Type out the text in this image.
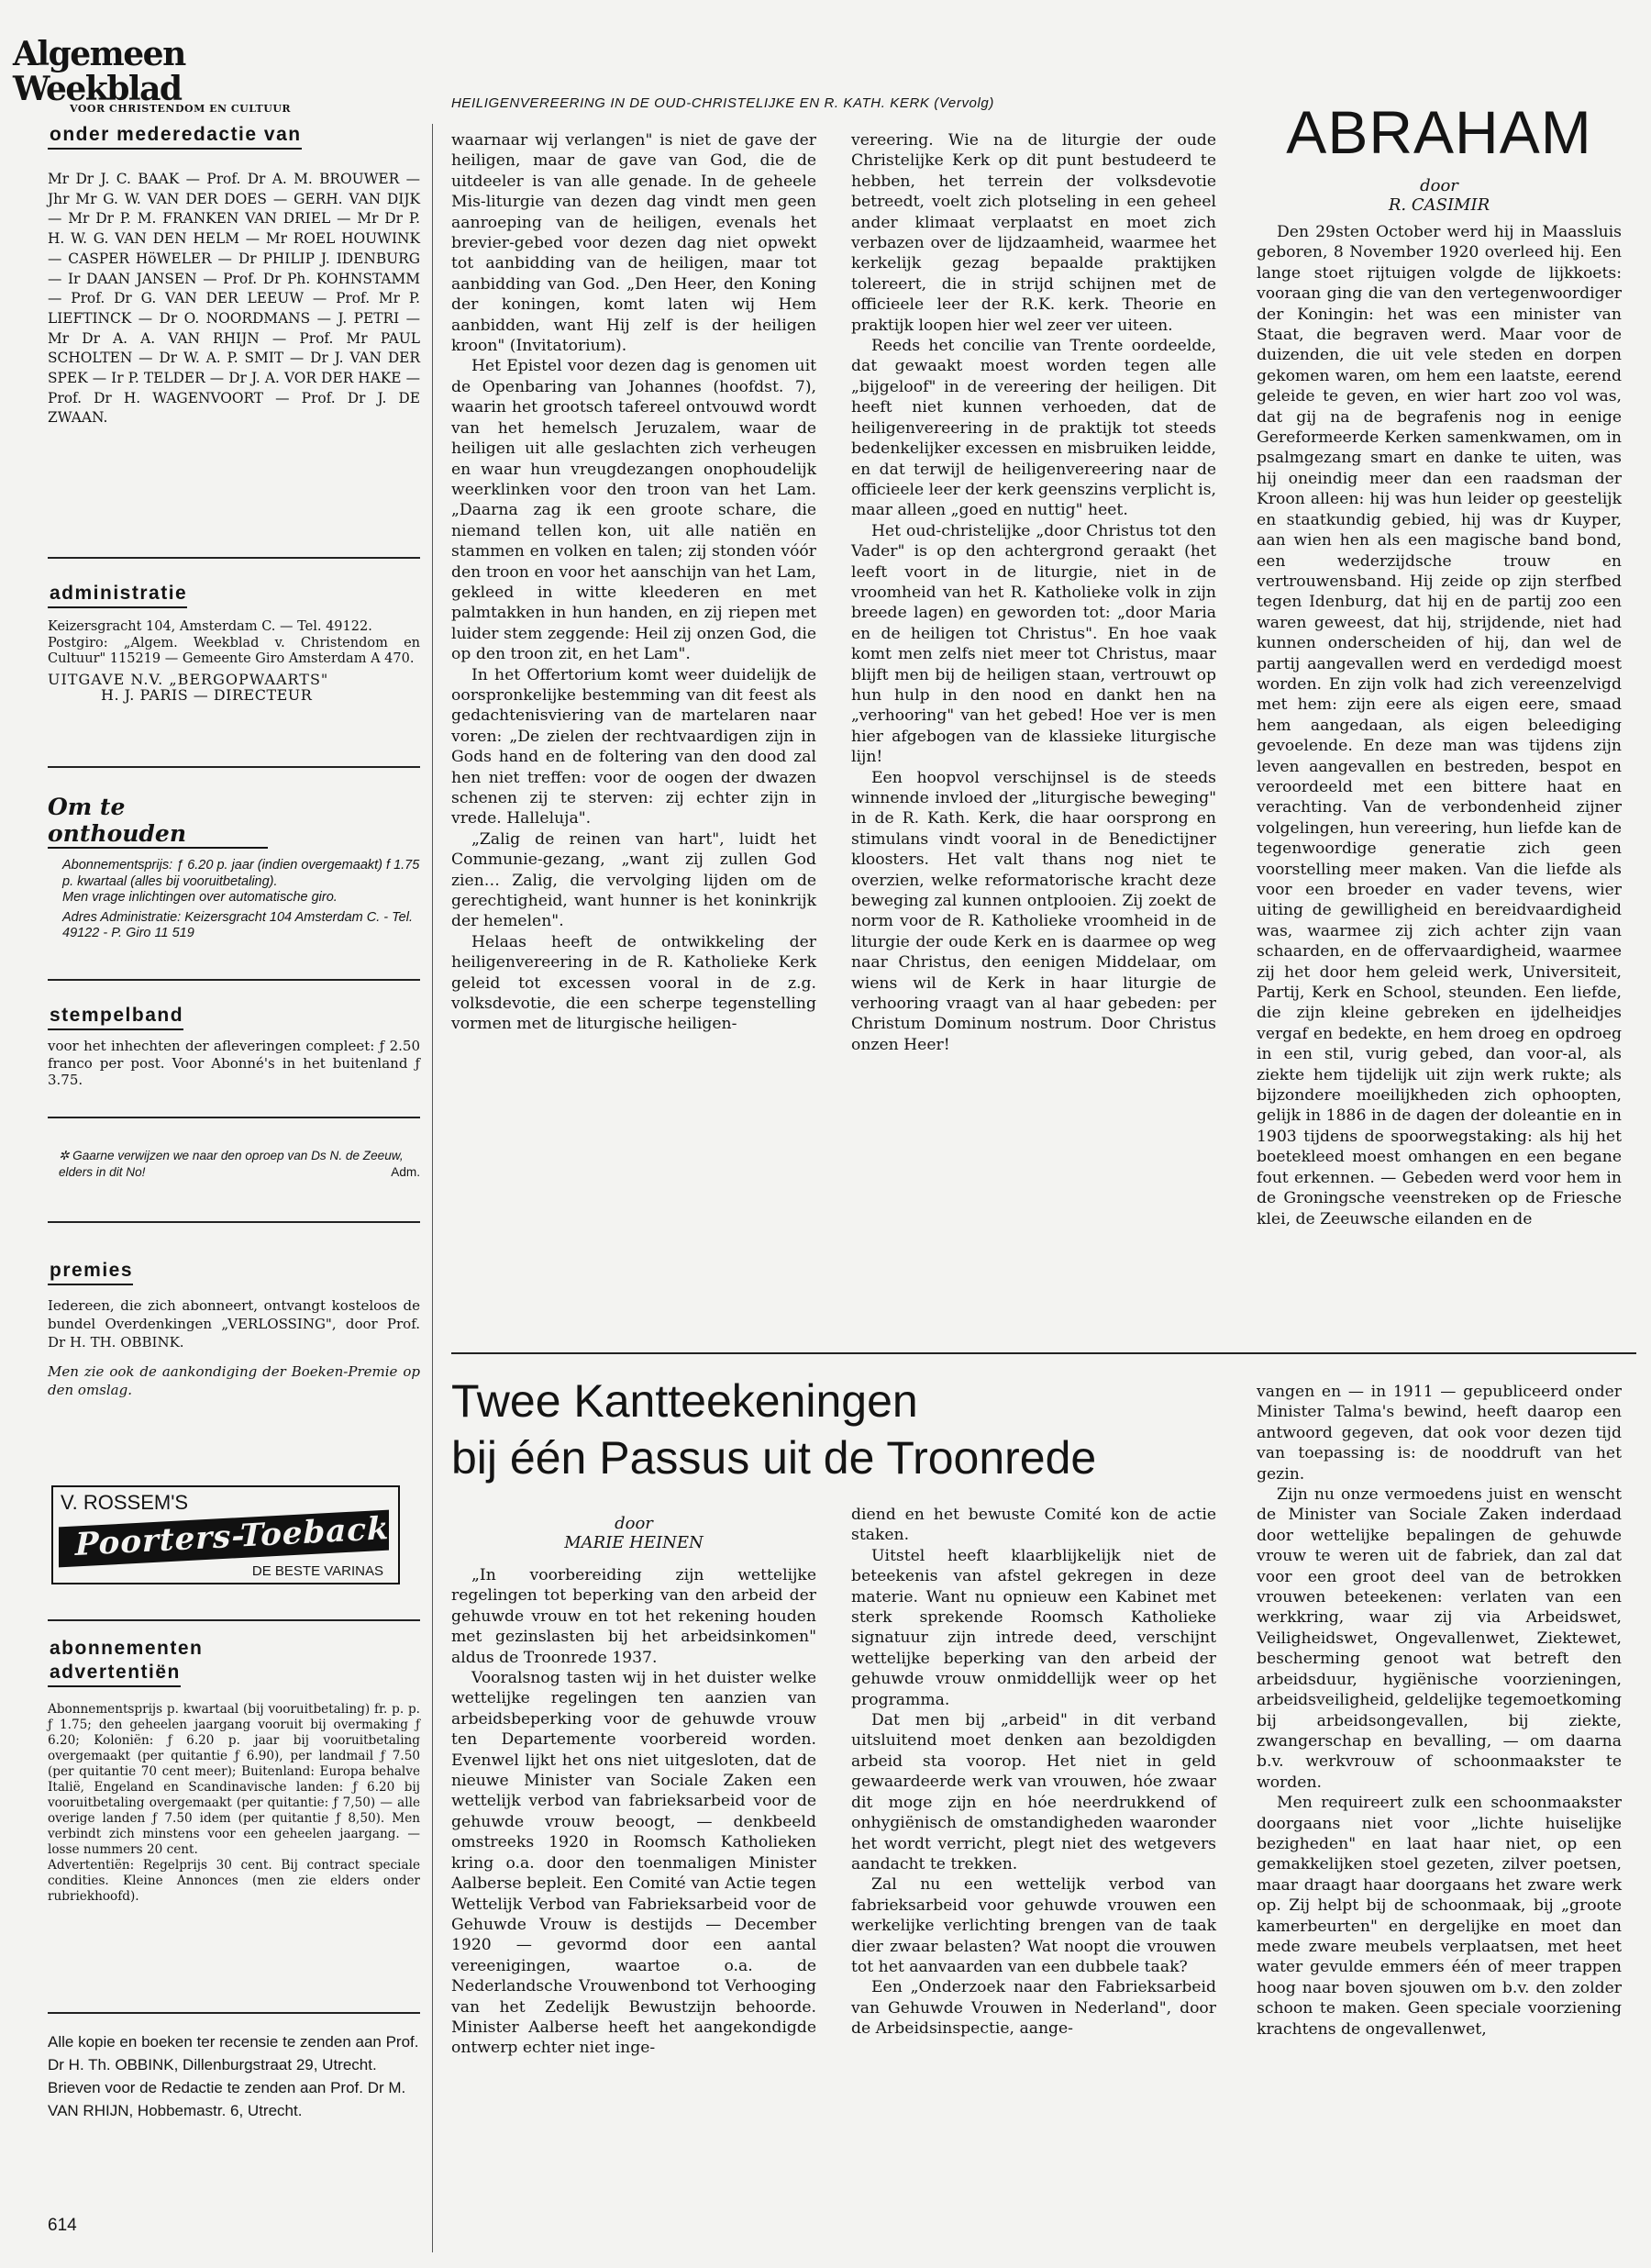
Algemeen Weekblad
VOOR CHRISTENDOM EN CULTUUR	HEILIGENVEREERING IN DE OUD-CHRISTELIJKE EN R. KATH. KERK (Vervolg)
onder mederedactie van
Mr Dr J. C. BAAK — Prof. Dr A. M. BROUWER — Jhr Mr G. W. VAN DER DOES — GERH. VAN DIJK — Mr Dr P. M. FRANKEN VAN DRIEL — Mr Dr P. H. W. G. VAN DEN HELM — Mr ROEL HOUWINK — CASPER HöWELER — Dr PHILIP J. IDENBURG — Ir DAAN JANSEN — Prof. Dr Ph. KOHNSTAMM — Prof. Dr G. VAN DER LEEUW — Prof. Mr P. LIEFTINCK — Dr O. NOORDMANS — J. PETRI — Mr Dr A. A. VAN RHIJN — Prof. Mr PAUL SCHOLTEN — Dr W. A. P. SMIT — Dr J. VAN DER SPEK — Ir P. TELDER — Dr J. A. VOR DER HAKE — Prof. Dr H. WAGENVOORT — Prof. Dr J. DE ZWAAN.
administratie
Keizersgracht 104, Amsterdam C. — Tel. 49122.
Postgiro: „Algem. Weekblad v. Christendom en Cultuur" 115219 — Gemeente Giro Amsterdam A 470.
UITGAVE N.V. „BERGOPWAARTS"
H. J. PARIS — DIRECTEUR
Om te onthouden
Abonnementsprijs: ƒ 6.20 p. jaar (indien overgemaakt) f 1.75 p. kwartaal (alles bij vooruitbetaling).
Men vrage inlichtingen over automatische giro.
Adres Administratie: Keizersgracht 104 Amsterdam C. - Tel. 49122 - P. Giro 11 519
stempelband
voor het inhechten der afleveringen compleet: ƒ 2.50 franco per post. Voor Abonné's in het buitenland ƒ 3.75.
✲ Gaarne verwijzen we naar den oproep van Ds N. de Zeeuw, elders in dit No!	Adm.
premies
Iedereen, die zich abonneert, ontvangt kosteloos de bundel Overdenkingen „VERLOSSING", door Prof. Dr H. TH. OBBINK.
Men zie ook de aankondiging der Boeken-Premie op den omslag.
V. ROSSEM'S
Poorters-Toeback
DE BESTE VARINAS
abonnementen
advertentiën
Abonnementsprijs p. kwartaal (bij vooruitbetaling) fr. p. p. ƒ 1.75; den geheelen jaargang vooruit bij overmaking ƒ 6.20; Koloniën: ƒ 6.20 p. jaar bij vooruitbetaling overgemaakt (per quitantie ƒ 6.90), per landmail ƒ 7.50 (per quitantie 70 cent meer); Buitenland: Europa behalve Italië, Engeland en Scandinavische landen: ƒ 6.20 bij vooruitbetaling overgemaakt (per quitantie: ƒ 7,50) — alle overige landen ƒ 7.50 idem (per quitantie ƒ 8,50). Men verbindt zich minstens voor een geheelen jaargang. — losse nummers 20 cent.
Advertentiën: Regelprijs 30 cent. Bij contract speciale condities. Kleine Annonces (men zie elders onder rubriekhoofd).
Alle kopie en boeken ter recensie te zenden aan Prof. Dr H. Th. OBBINK, Dillenburgstraat 29, Utrecht.
Brieven voor de Redactie te zenden aan Prof. Dr M. VAN RHIJN, Hobbemastr. 6, Utrecht.
614

waarnaar wij verlangen" is niet de gave der heiligen, maar de gave van God, die de uitdeeler is van alle genade. In de geheele Mis-liturgie van dezen dag vindt men geen aanroeping van de heiligen, evenals het brevier-gebed voor dezen dag niet opwekt tot aanbidding van de heiligen, maar tot aanbidding van God. „Den Heer, den Koning der koningen, komt laten wij Hem aanbidden, want Hij zelf is der heiligen kroon" (Invitatorium).

Het Epistel voor dezen dag is genomen uit de Openbaring van Johannes (hoofdst. 7), waarin het grootsch tafereel ontvouwd wordt van het hemelsch Jeruzalem, waar de heiligen uit alle geslachten zich verheugen en waar hun vreugdezangen onophoudelijk weerklinken voor den troon van het Lam. „Daarna zag ik een groote schare, die niemand tellen kon, uit alle natiën en stammen en volken en talen; zij stonden vóór den troon en voor het aanschijn van het Lam, gekleed in witte kleederen en met palmtakken in hun handen, en zij riepen met luider stem zeggende: Heil zij onzen God, die op den troon zit, en het Lam".

In het Offertorium komt weer duidelijk de oorspronkelijke bestemming van dit feest als gedachtenisviering van de martelaren naar voren: „De zielen der rechtvaardigen zijn in Gods hand en de foltering van den dood zal hen niet treffen: voor de oogen der dwazen schenen zij te sterven: zij echter zijn in vrede. Halleluja".

„Zalig de reinen van hart", luidt het Communie-gezang, „want zij zullen God zien… Zalig, die vervolging lijden om de gerechtigheid, want hunner is het koninkrijk der hemelen".

Helaas heeft de ontwikkeling der heiligenvereering in de R. Katholieke Kerk geleid tot excessen vooral in de z.g. volksdevotie, die een scherpe tegenstelling vormen met de liturgische heiligen-

vereering. Wie na de liturgie der oude Christelijke Kerk op dit punt bestudeerd te hebben, het terrein der volksdevotie betreedt, voelt zich plotseling in een geheel ander klimaat verplaatst en moet zich verbazen over de lijdzaamheid, waarmee het kerkelijk gezag bepaalde praktijken tolereert, die in strijd schijnen met de officieele leer der R.K. kerk. Theorie en praktijk loopen hier wel zeer ver uiteen.

Reeds het concilie van Trente oordeelde, dat gewaakt moest worden tegen alle „bijgeloof" in de vereering der heiligen. Dit heeft niet kunnen verhoeden, dat de heiligenvereering in de praktijk tot steeds bedenkelijker excessen en misbruiken leidde, en dat terwijl de heiligenvereering naar de officieele leer der kerk geenszins verplicht is, maar alleen „goed en nuttig" heet.

Het oud-christelijke „door Christus tot den Vader" is op den achtergrond geraakt (het leeft voort in de liturgie, niet in de vroomheid van het R. Katholieke volk in zijn breede lagen) en geworden tot: „door Maria en de heiligen tot Christus". En hoe vaak komt men zelfs niet meer tot Christus, maar blijft men bij de heiligen staan, vertrouwt op hun hulp in den nood en dankt hen na „verhooring" van het gebed! Hoe ver is men hier afgebogen van de klassieke liturgische lijn!

Een hoopvol verschijnsel is de steeds winnende invloed der „liturgische beweging" in de R. Kath. Kerk, die haar oorsprong en stimulans vindt vooral in de Benedictijner kloosters. Het valt thans nog niet te overzien, welke reformatorische kracht deze beweging zal kunnen ontplooien. Zij zoekt de norm voor de R. Katholieke vroomheid in de liturgie der oude Kerk en is daarmee op weg naar Christus, den eenigen Middelaar, om wiens wil de Kerk in haar liturgie de verhooring vraagt van al haar gebeden: per Christum Dominum nostrum. Door Christus onzen Heer!

ABRAHAM
door
R. CASIMIR

Den 29sten October werd hij in Maassluis geboren, 8 November 1920 overleed hij. Een lange stoet rijtuigen volgde de lijkkoets: vooraan ging die van den vertegenwoordiger der Koningin: het was een minister van Staat, die begraven werd. Maar voor de duizenden, die uit vele steden en dorpen gekomen waren, om hem een laatste, eerend geleide te geven, en wier hart zoo vol was, dat gij na de begrafenis nog in eenige Gereformeerde Kerken samenkwamen, om in psalmgezang smart en danke te uiten, was hij oneindig meer dan een raadsman der Kroon alleen: hij was hun leider op geestelijk en staatkundig gebied, hij was dr Kuyper, aan wien hen als een magische band bond, een wederzijdsche trouw en vertrouwensband. Hij zeide op zijn sterfbed tegen Idenburg, dat hij en de partij zoo een waren geweest, dat hij, strijdende, niet had kunnen onderscheiden of hij, dan wel de partij aangevallen werd en verdedigd moest worden. En zijn volk had zich vereenzelvigd met hem: zijn eere als eigen eere, smaad hem aangedaan, als eigen beleediging gevoelende. En deze man was tijdens zijn leven aangevallen en bestreden, bespot en veroordeeld met een bittere haat en verachting. Van de verbondenheid zijner volgelingen, hun vereering, hun liefde kan de tegenwoordige generatie zich geen voorstelling meer maken. Van die liefde als voor een broeder en vader tevens, wier uiting de gewilligheid en bereidvaardigheid was, waarmee zij zich achter zijn vaan schaarden, en de offervaardigheid, waarmee zij het door hem geleid werk, Universiteit, Partij, Kerk en School, steunden. Een liefde, die zijn kleine gebreken en ijdelheidjes vergaf en bedekte, en hem droeg en opdroeg in een stil, vurig gebed, dan voor-al, als ziekte hem tijdelijk uit zijn werk rukte; als bijzondere moeilijkheden zich ophoopten, gelijk in 1886 in de dagen der doleantie en in 1903 tijdens de spoorwegstaking: als hij het boetekleed moest omhangen en een begane fout erkennen. — Gebeden werd voor hem in de Groningsche veenstreken op de Friesche klei, de Zeeuwsche eilanden en de

Twee Kantteekeningen
bij één Passus uit de Troonrede
door
MARIE HEINEN

„In voorbereiding zijn wettelijke regelingen tot beperking van den arbeid der gehuwde vrouw en tot het rekening houden met gezinslasten bij het arbeidsinkomen" aldus de Troonrede 1937.

Vooralsnog tasten wij in het duister welke wettelijke regelingen ten aanzien van arbeidsbeperking voor de gehuwde vrouw ten Departemente voorbereid worden. Evenwel lijkt het ons niet uitgesloten, dat de nieuwe Minister van Sociale Zaken een wettelijk verbod van fabrieksarbeid voor de gehuwde vrouw beoogt, — denkbeeld omstreeks 1920 in Roomsch Katholieken kring o.a. door den toenmaligen Minister Aalberse bepleit. Een Comité van Actie tegen Wettelijk Verbod van Fabrieksarbeid voor de Gehuwde Vrouw is destijds — December 1920 — gevormd door een aantal vereenigingen, waartoe o.a. de Nederlandsche Vrouwenbond tot Verhooging van het Zedelijk Bewustzijn behoorde. Minister Aalberse heeft het aangekondigde ontwerp echter niet inge-

diend en het bewuste Comité kon de actie staken.

Uitstel heeft klaarblijkelijk niet de beteekenis van afstel gekregen in deze materie. Want nu opnieuw een Kabinet met sterk sprekende Roomsch Katholieke signatuur zijn intrede deed, verschijnt wettelijke beperking van den arbeid der gehuwde vrouw onmiddellijk weer op het programma.

Dat men bij „arbeid" in dit verband uitsluitend moet denken aan bezoldigden arbeid sta voorop. Het niet in geld gewaardeerde werk van vrouwen, hóe zwaar dit moge zijn en hóe neerdrukkend of onhygiënisch de omstandigheden waaronder het wordt verricht, plegt niet des wetgevers aandacht te trekken.

Zal nu een wettelijk verbod van fabrieksarbeid voor gehuwde vrouwen een werkelijke verlichting brengen van de taak dier zwaar belasten? Wat noopt die vrouwen tot het aanvaarden van een dubbele taak?

Een „Onderzoek naar den Fabrieksarbeid van Gehuwde Vrouwen in Nederland", door de Arbeidsinspectie, aange-

vangen en — in 1911 — gepubliceerd onder Minister Talma's bewind, heeft daarop een antwoord gegeven, dat ook voor dezen tijd van toepassing is: de nooddruft van het gezin.

Zijn nu onze vermoedens juist en wenscht de Minister van Sociale Zaken inderdaad door wettelijke bepalingen de gehuwde vrouw te weren uit de fabriek, dan zal dat voor een groot deel van de betrokken vrouwen beteekenen: verlaten van een werkkring, waar zij via Arbeidswet, Veiligheidswet, Ongevallenwet, Ziektewet, bescherming genoot wat betreft den arbeidsduur, hygiënische voorzieningen, arbeidsveiligheid, geldelijke tegemoetkoming bij arbeidsongevallen, bij ziekte, zwangerschap en bevalling, — om daarna b.v. werkvrouw of schoonmaakster te worden.

Men requireert zulk een schoonmaakster doorgaans niet voor „lichte huiselijke bezigheden" en laat haar niet, op een gemakkelijken stoel gezeten, zilver poetsen, maar draagt haar doorgaans het zware werk op. Zij helpt bij de schoonmaak, bij „groote kamerbeurten" en dergelijke en moet dan mede zware meubels verplaatsen, met heet water gevulde emmers één of meer trappen hoog naar boven sjouwen om b.v. den zolder schoon te maken. Geen speciale voorziening krachtens de ongevallenwet,
